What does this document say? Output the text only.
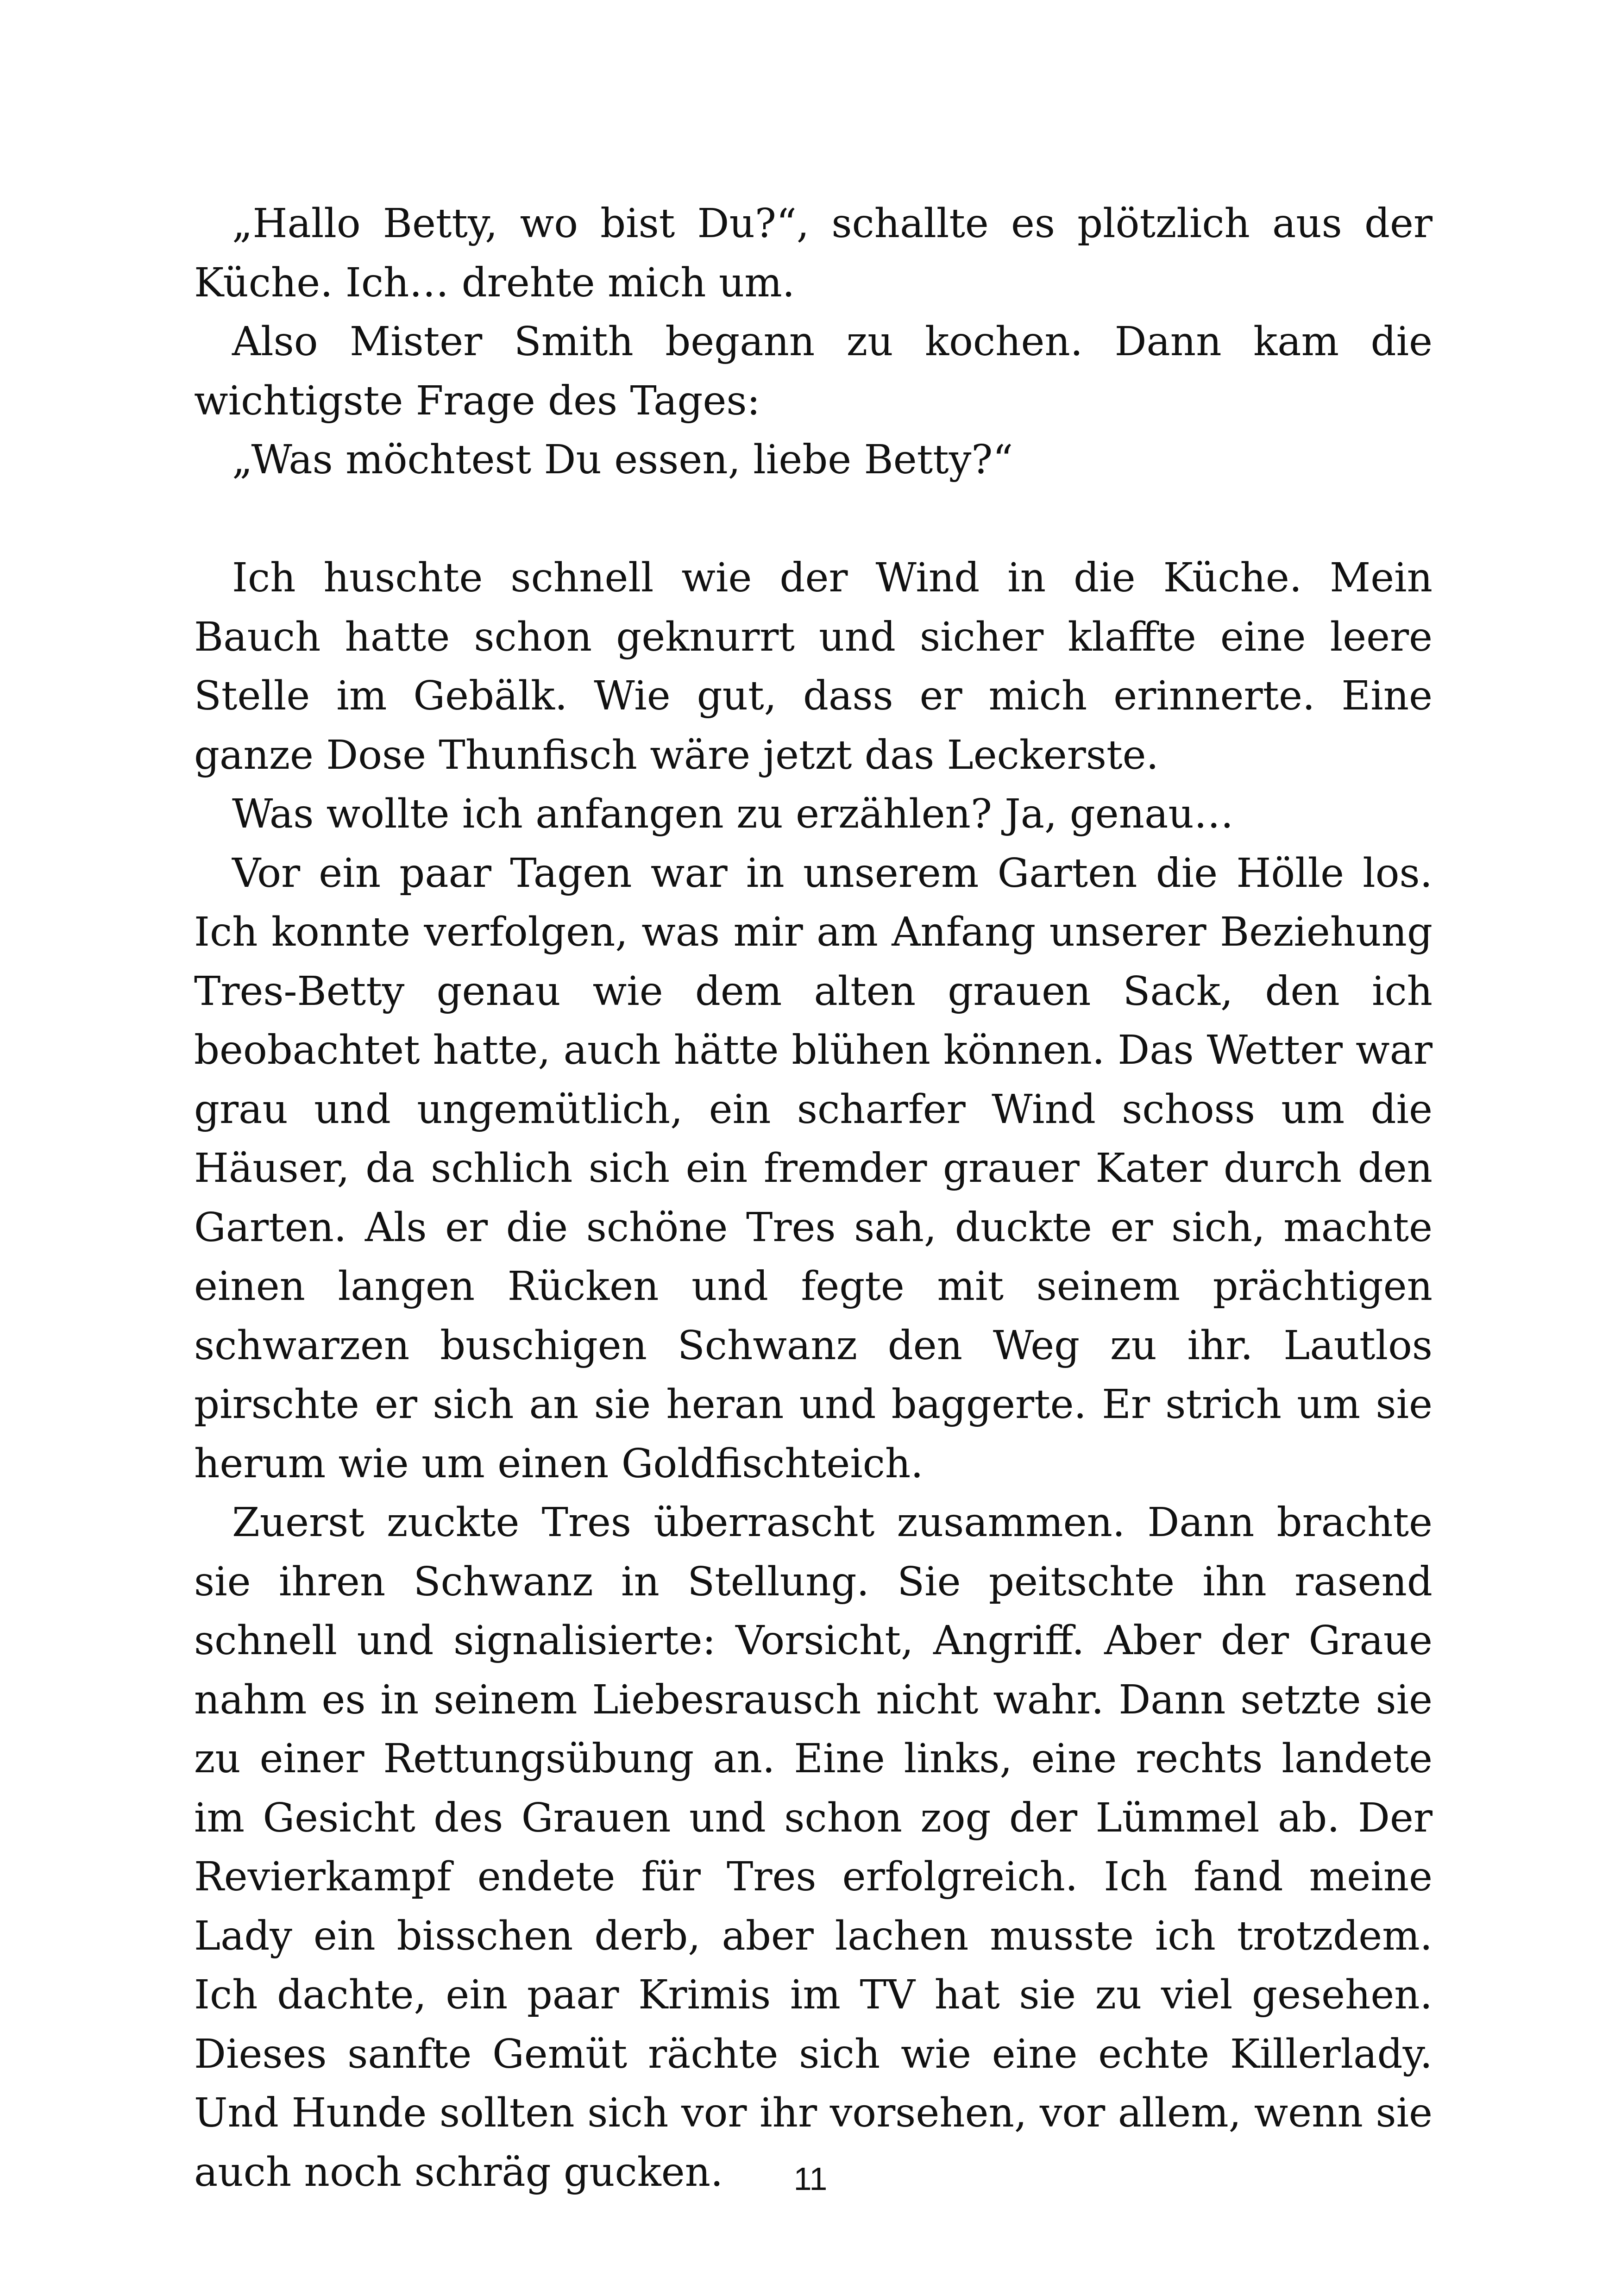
„Hallo Betty, wo bist Du?“, schallte es plötzlich aus der Küche. Ich… drehte mich um.

Also Mister Smith begann zu kochen. Dann kam die wichtigste Frage des Tages:

„Was möchtest Du essen, liebe Betty?“

Ich huschte schnell wie der Wind in die Küche. Mein Bauch hatte schon geknurrt und sicher klaffte eine leere Stelle im Gebälk. Wie gut, dass er mich erinnerte. Eine ganze Dose Thunfisch wäre jetzt das Leckerste.

Was wollte ich anfangen zu erzählen? Ja, genau…

Vor ein paar Tagen war in unserem Garten die Hölle los. Ich konnte verfolgen, was mir am Anfang unserer Beziehung Tres-Betty genau wie dem alten grauen Sack, den ich beobachtet hatte, auch hätte blühen können. Das Wetter war grau und ungemütlich, ein scharfer Wind schoss um die Häuser, da schlich sich ein fremder grauer Kater durch den Garten. Als er die schöne Tres sah, duckte er sich, machte einen langen Rücken und fegte mit seinem prächtigen schwarzen buschigen Schwanz den Weg zu ihr. Lautlos pirschte er sich an sie heran und baggerte. Er strich um sie herum wie um einen Goldfischteich.

Zuerst zuckte Tres überrascht zusammen. Dann brachte sie ihren Schwanz in Stellung. Sie peitschte ihn rasend schnell und signalisierte: Vorsicht, Angriff. Aber der Graue nahm es in seinem Liebesrausch nicht wahr. Dann setzte sie zu einer Rettungsübung an. Eine links, eine rechts landete im Gesicht des Grauen und schon zog der Lümmel ab. Der Revierkampf endete für Tres erfolgreich. Ich fand meine Lady ein bisschen derb, aber lachen musste ich trotzdem. Ich dachte, ein paar Krimis im TV hat sie zu viel gesehen. Dieses sanfte Gemüt rächte sich wie eine echte Killerlady. Und Hunde sollten sich vor ihr vorsehen, vor allem, wenn sie auch noch schräg gucken.	11
